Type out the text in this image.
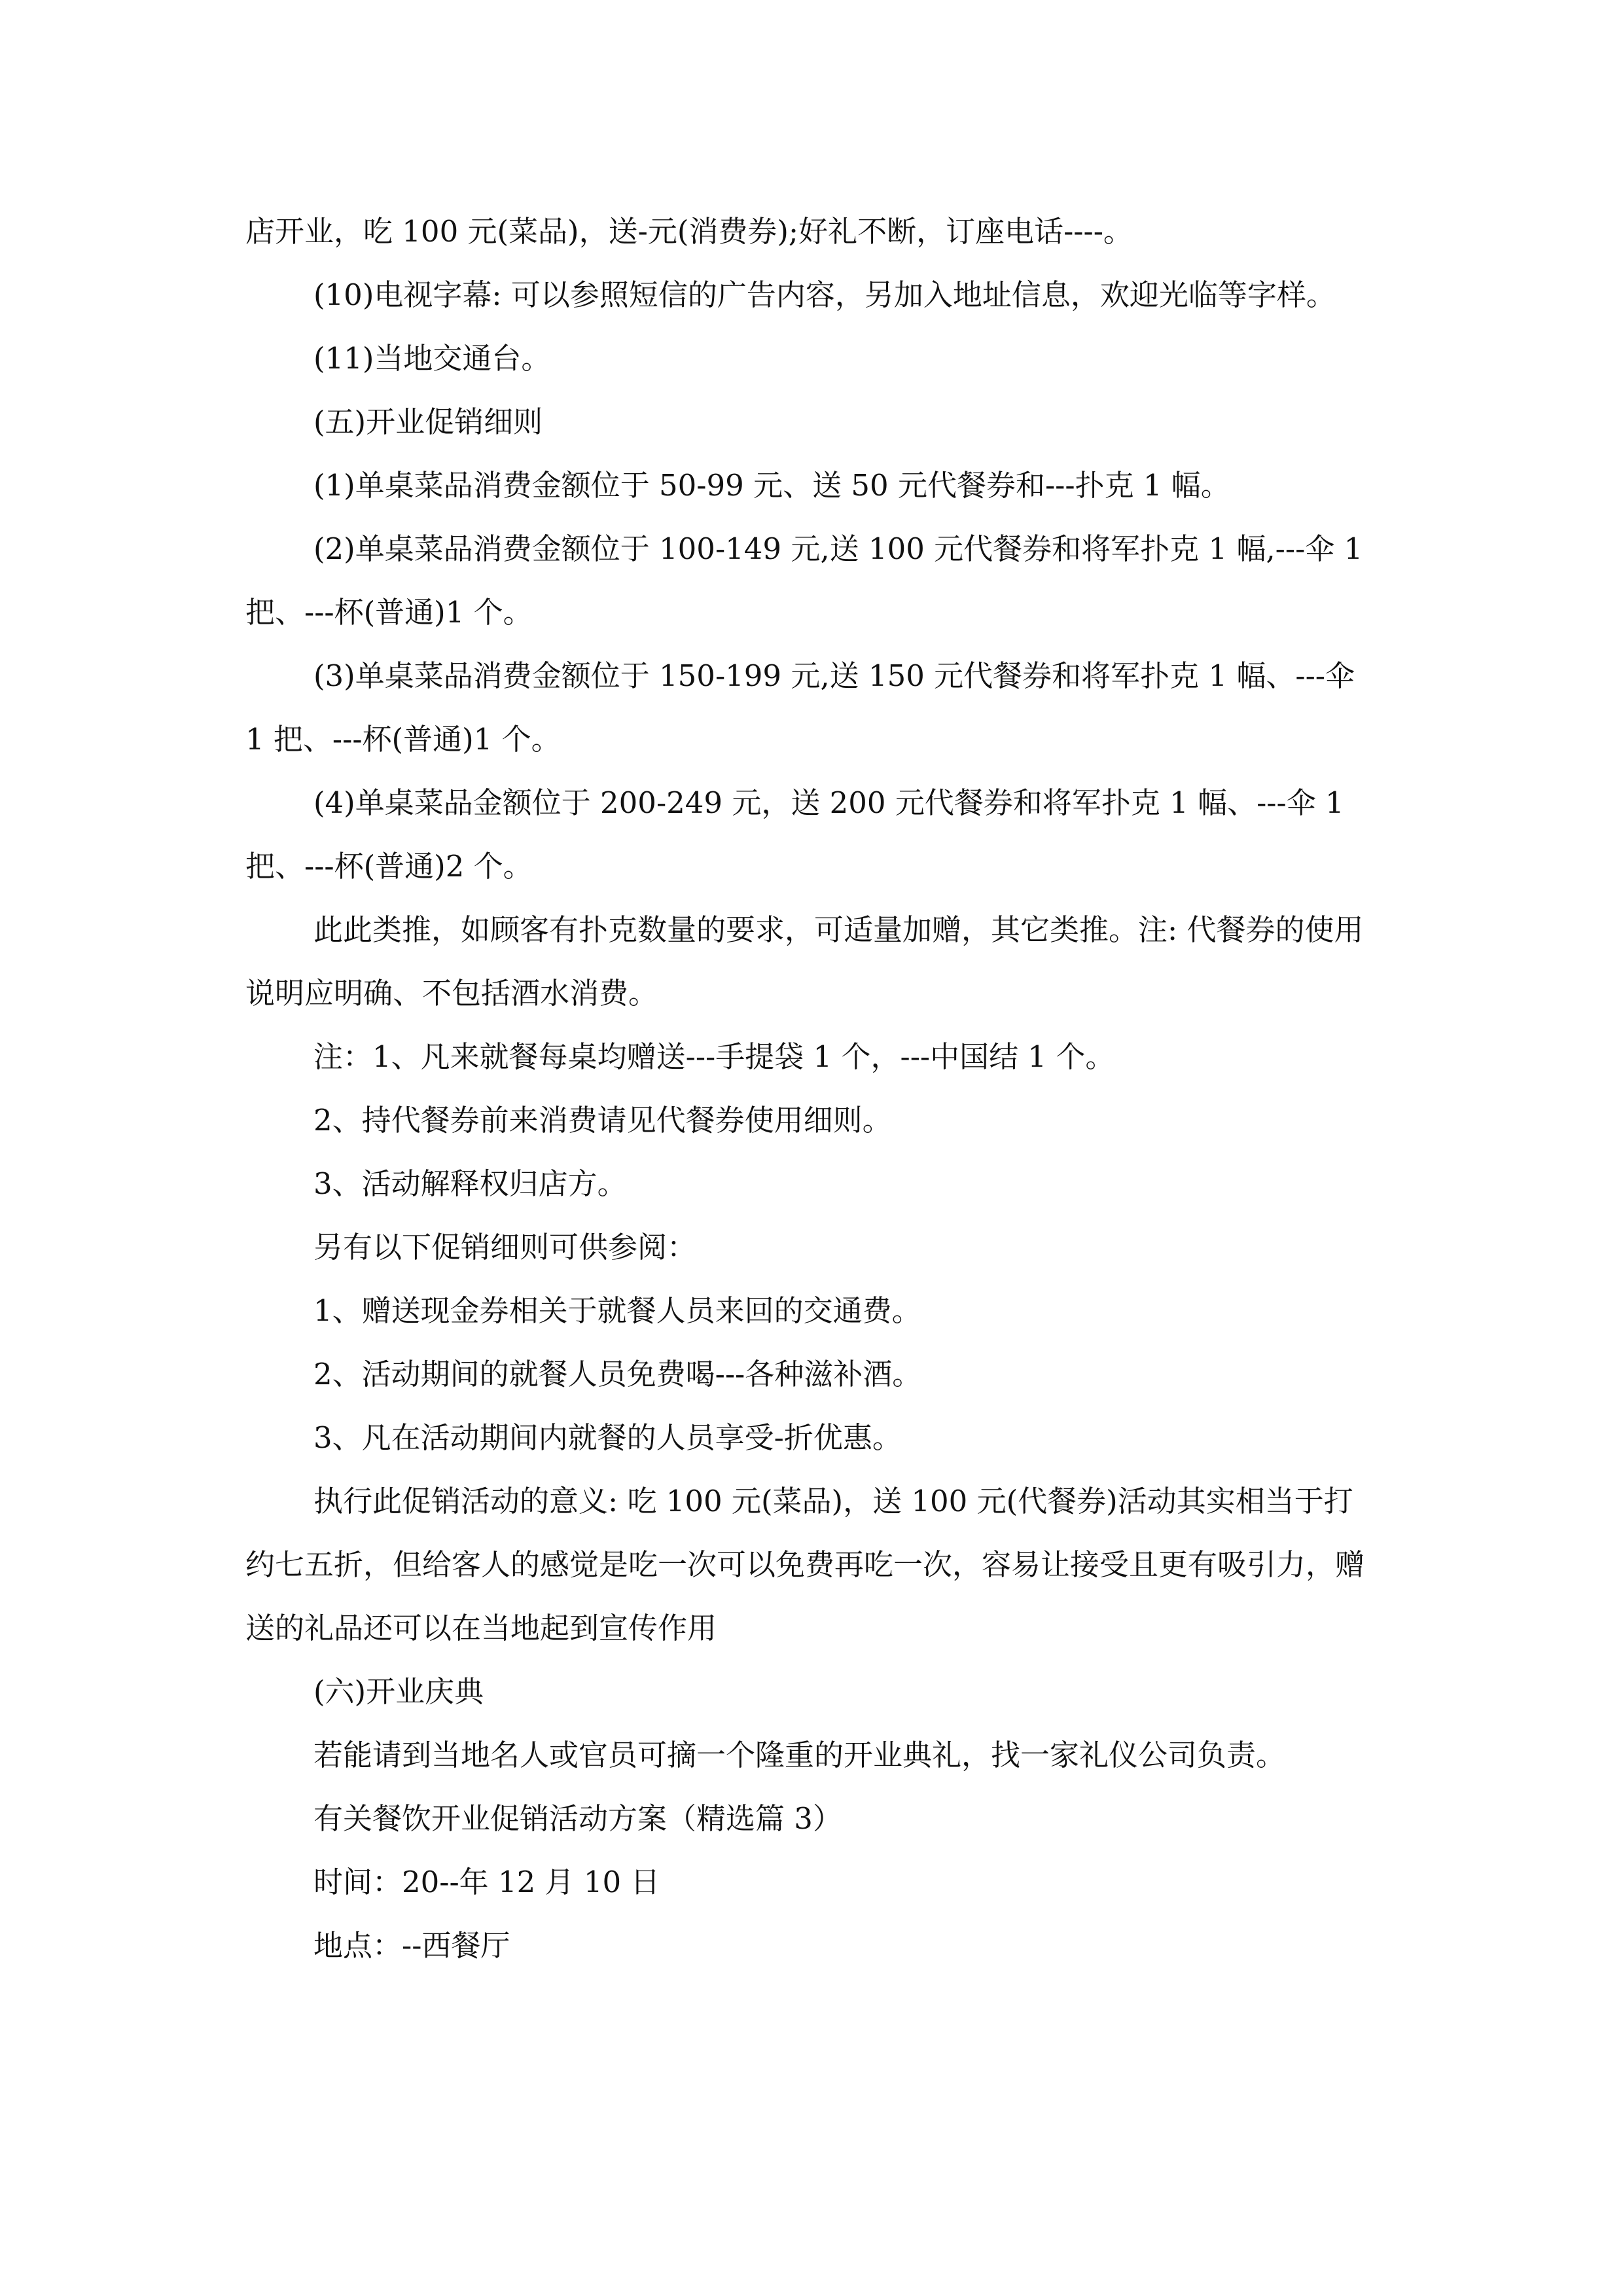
店开业，吃 100 元(菜品)，送-元(消费券);好礼不断，订座电话----。

(10)电视字幕: 可以参照短信的广告内容，另加入地址信息，欢迎光临等字样。

(11)当地交通台。

(五)开业促销细则

(1)单桌菜品消费金额位于 50-99 元、送 50 元代餐券和---扑克 1 幅。

(2)单桌菜品消费金额位于 100-149 元,送 100 元代餐券和将军扑克 1 幅,---伞 1 把、---杯(普通)1 个。

(3)单桌菜品消费金额位于 150-199 元,送 150 元代餐券和将军扑克 1 幅、---伞 1 把、---杯(普通)1 个。

(4)单桌菜品金额位于 200-249 元，送 200 元代餐券和将军扑克 1 幅、---伞 1 把、---杯(普通)2 个。

此此类推，如顾客有扑克数量的要求，可适量加赠，其它类推。注: 代餐券的使用说明应明确、不包括酒水消费。

注：1、凡来就餐每桌均赠送---手提袋 1 个，---中国结 1 个。

2、持代餐券前来消费请见代餐券使用细则。

3、活动解释权归店方。

另有以下促销细则可供参阅：

1、赠送现金券相关于就餐人员来回的交通费。

2、活动期间的就餐人员免费喝---各种滋补酒。

3、凡在活动期间内就餐的人员享受-折优惠。

执行此促销活动的意义: 吃 100 元(菜品)，送 100 元(代餐券)活动其实相当于打约七五折，但给客人的感觉是吃一次可以免费再吃一次，容易让接受且更有吸引力，赠送的礼品还可以在当地起到宣传作用

(六)开业庆典

若能请到当地名人或官员可摘一个隆重的开业典礼，找一家礼仪公司负责。

有关餐饮开业促销活动方案（精选篇 3）

时间：20--年 12 月 10 日

地点：--西餐厅
